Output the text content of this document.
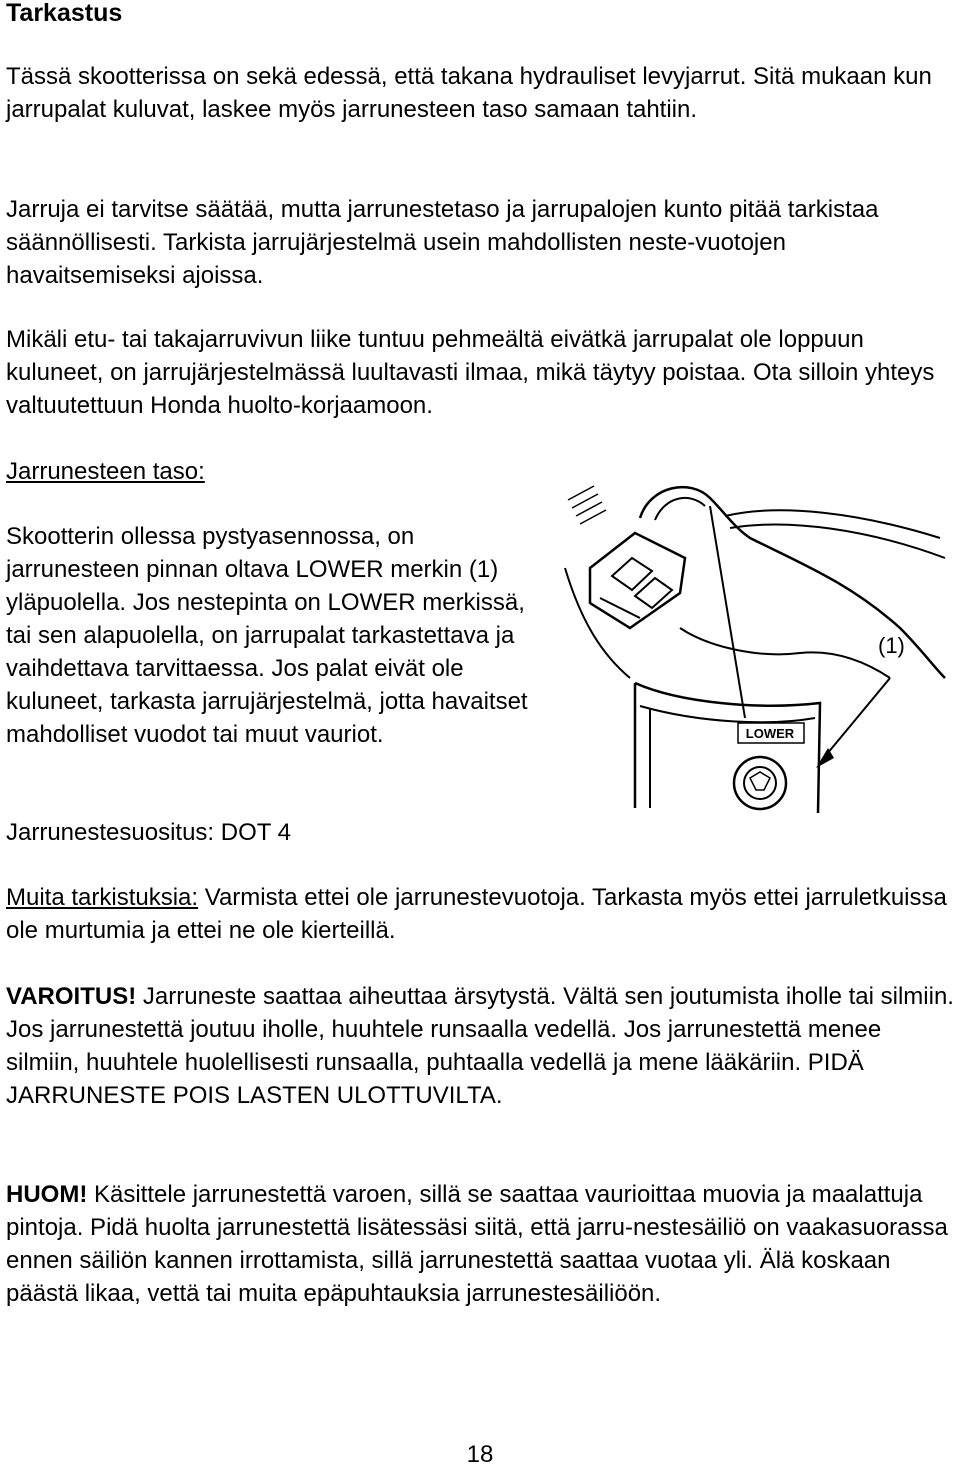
Tarkastus

Tässä skootterissa on sekä edessä, että takana hydrauliset levyjarrut. Sitä mukaan kun jarrupalat kuluvat, laskee myös jarrunesteen taso samaan tahtiin.

Jarruja ei tarvitse säätää, mutta jarrunestetaso ja jarrupalojen kunto pitää tarkistaa säännöllisesti. Tarkista jarrujärjestelmä usein mahdollisten neste-vuotojen havaitsemiseksi ajoissa.

Mikäli etu- tai takajarruvivun liike tuntuu pehmeältä eivätkä jarrupalat ole loppuun kuluneet, on jarrujärjestelmässä luultavasti ilmaa, mikä täytyy poistaa. Ota silloin yhteys valtuutettuun Honda huolto-korjaamoon.

Jarrunesteen taso:

Skootterin ollessa pystyasennossa, on jarrunesteen pinnan oltava LOWER merkin (1) yläpuolella. Jos nestepinta on LOWER merkissä, tai sen alapuolella, on jarrupalat tarkastettava ja vaihdettava tarvittaessa. Jos palat eivät ole kuluneet, tarkasta jarrujärjestelmä, jotta havaitset mahdolliset vuodot tai muut vauriot.	LOWER
(1)
Jarrunestesuositus: DOT 4

Muita tarkistuksia: Varmista ettei ole jarrunestevuotoja. Tarkasta myös ettei jarruletkuissa ole murtumia ja ettei ne ole kierteillä.

VAROITUS! Jarruneste saattaa aiheuttaa ärsytystä. Vältä sen joutumista iholle tai silmiin. Jos jarrunestettä joutuu iholle, huuhtele runsaalla vedellä. Jos jarrunestettä menee silmiin, huuhtele huolellisesti runsaalla, puhtaalla vedellä ja mene lääkäriin. PIDÄ JARRUNESTE POIS LASTEN ULOTTUVILTA.

HUOM! Käsittele jarrunestettä varoen, sillä se saattaa vaurioittaa muovia ja maalattuja pintoja. Pidä huolta jarrunestettä lisätessäsi siitä, että jarru-nestesäiliö on vaakasuorassa ennen säiliön kannen irrottamista, sillä jarrunestettä saattaa vuotaa yli. Älä koskaan päästä likaa, vettä tai muita epäpuhtauksia jarrunestesäiliöön.

18
